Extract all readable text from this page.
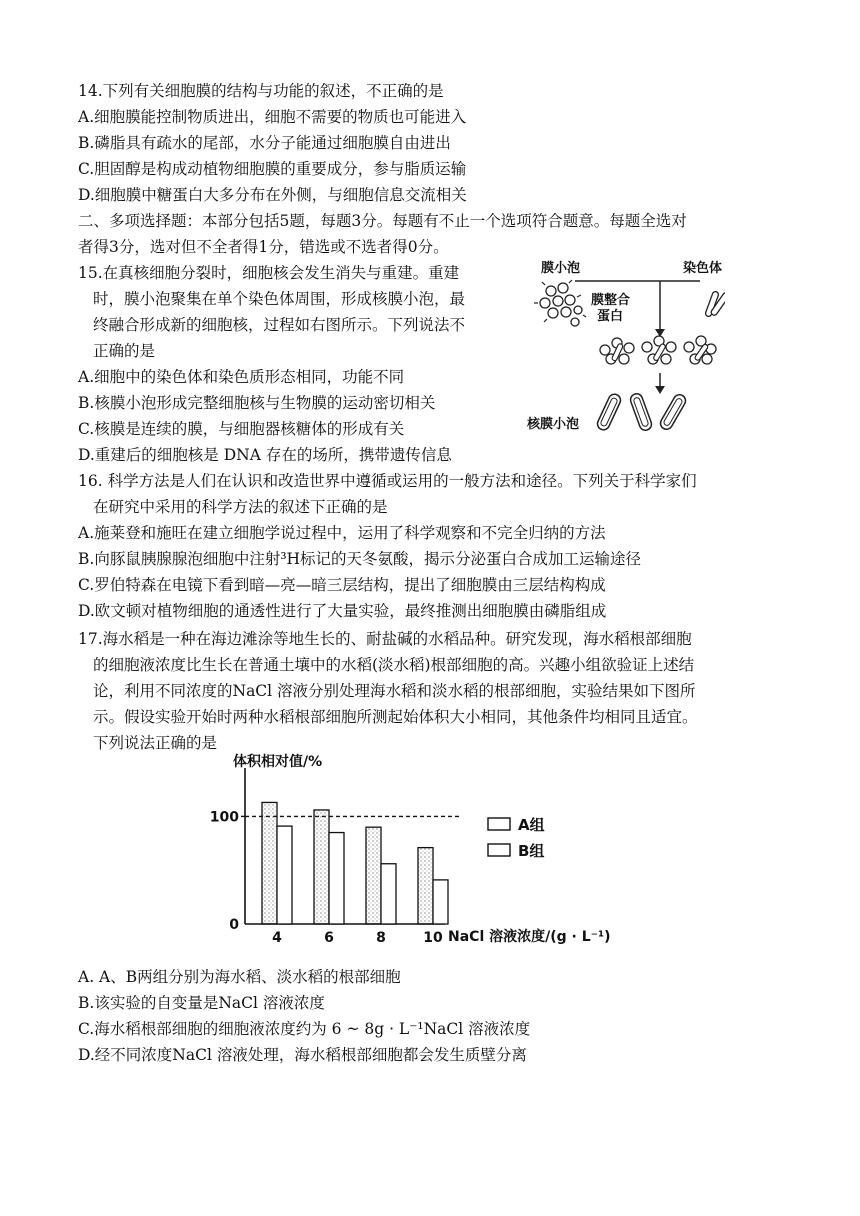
14.下列有关细胞膜的结构与功能的叙述，不正确的是
A.细胞膜能控制物质进出，细胞不需要的物质也可能进入
B.磷脂具有疏水的尾部，水分子能通过细胞膜自由进出
C.胆固醇是构成动植物细胞膜的重要成分，参与脂质运输
D.细胞膜中糖蛋白大多分布在外侧，与细胞信息交流相关
二、多项选择题：本部分包括5题，每题3分。每题有不止一个选项符合题意。每题全选对
者得3分，选对但不全者得1分，错选或不选者得0分。
15.在真核细胞分裂时，细胞核会发生消失与重建。重建
时，膜小泡聚集在单个染色体周围，形成核膜小泡，最
终融合形成新的细胞核，过程如右图所示。下列说法不
正确的是
A.细胞中的染色体和染色质形态相同，功能不同
B.核膜小泡形成完整细胞核与生物膜的运动密切相关
C.核膜是连续的膜，与细胞器核糖体的形成有关
D.重建后的细胞核是 DNA 存在的场所，携带遗传信息
膜小泡	染色体
膜整合
蛋白
核膜小泡
16. 科学方法是人们在认识和改造世界中遵循或运用的一般方法和途径。下列关于科学家们
在研究中采用的科学方法的叙述下正确的是
A.施莱登和施旺在建立细胞学说过程中，运用了科学观察和不完全归纳的方法
B.向豚鼠胰腺腺泡细胞中注射³H标记的天冬氨酸，揭示分泌蛋白合成加工运输途径
C.罗伯特森在电镜下看到暗—亮—暗三层结构，提出了细胞膜由三层结构构成
D.欧文顿对植物细胞的通透性进行了大量实验，最终推测出细胞膜由磷脂组成
17.海水稻是一种在海边滩涂等地生长的、耐盐碱的水稻品种。研究发现，海水稻根部细胞
的细胞液浓度比生长在普通土壤中的水稻(淡水稻)根部细胞的高。兴趣小组欲验证上述结
论，利用不同浓度的NaCl 溶液分别处理海水稻和淡水稻的根部细胞，实验结果如下图所
示。假设实验开始时两种水稻根部细胞所测起始体积大小相同，其他条件均相同且适宜。
下列说法正确的是
体积相对值/%
NaCl 溶液浓度/(g · L⁻¹)
0
100
4	6	8	10
A组
B组
A. A、B两组分别为海水稻、淡水稻的根部细胞
B.该实验的自变量是NaCl 溶液浓度
C.海水稻根部细胞的细胞液浓度约为 6 ~ 8g · L⁻¹NaCl 溶液浓度
D.经不同浓度NaCl 溶液处理，海水稻根部细胞都会发生质壁分离
